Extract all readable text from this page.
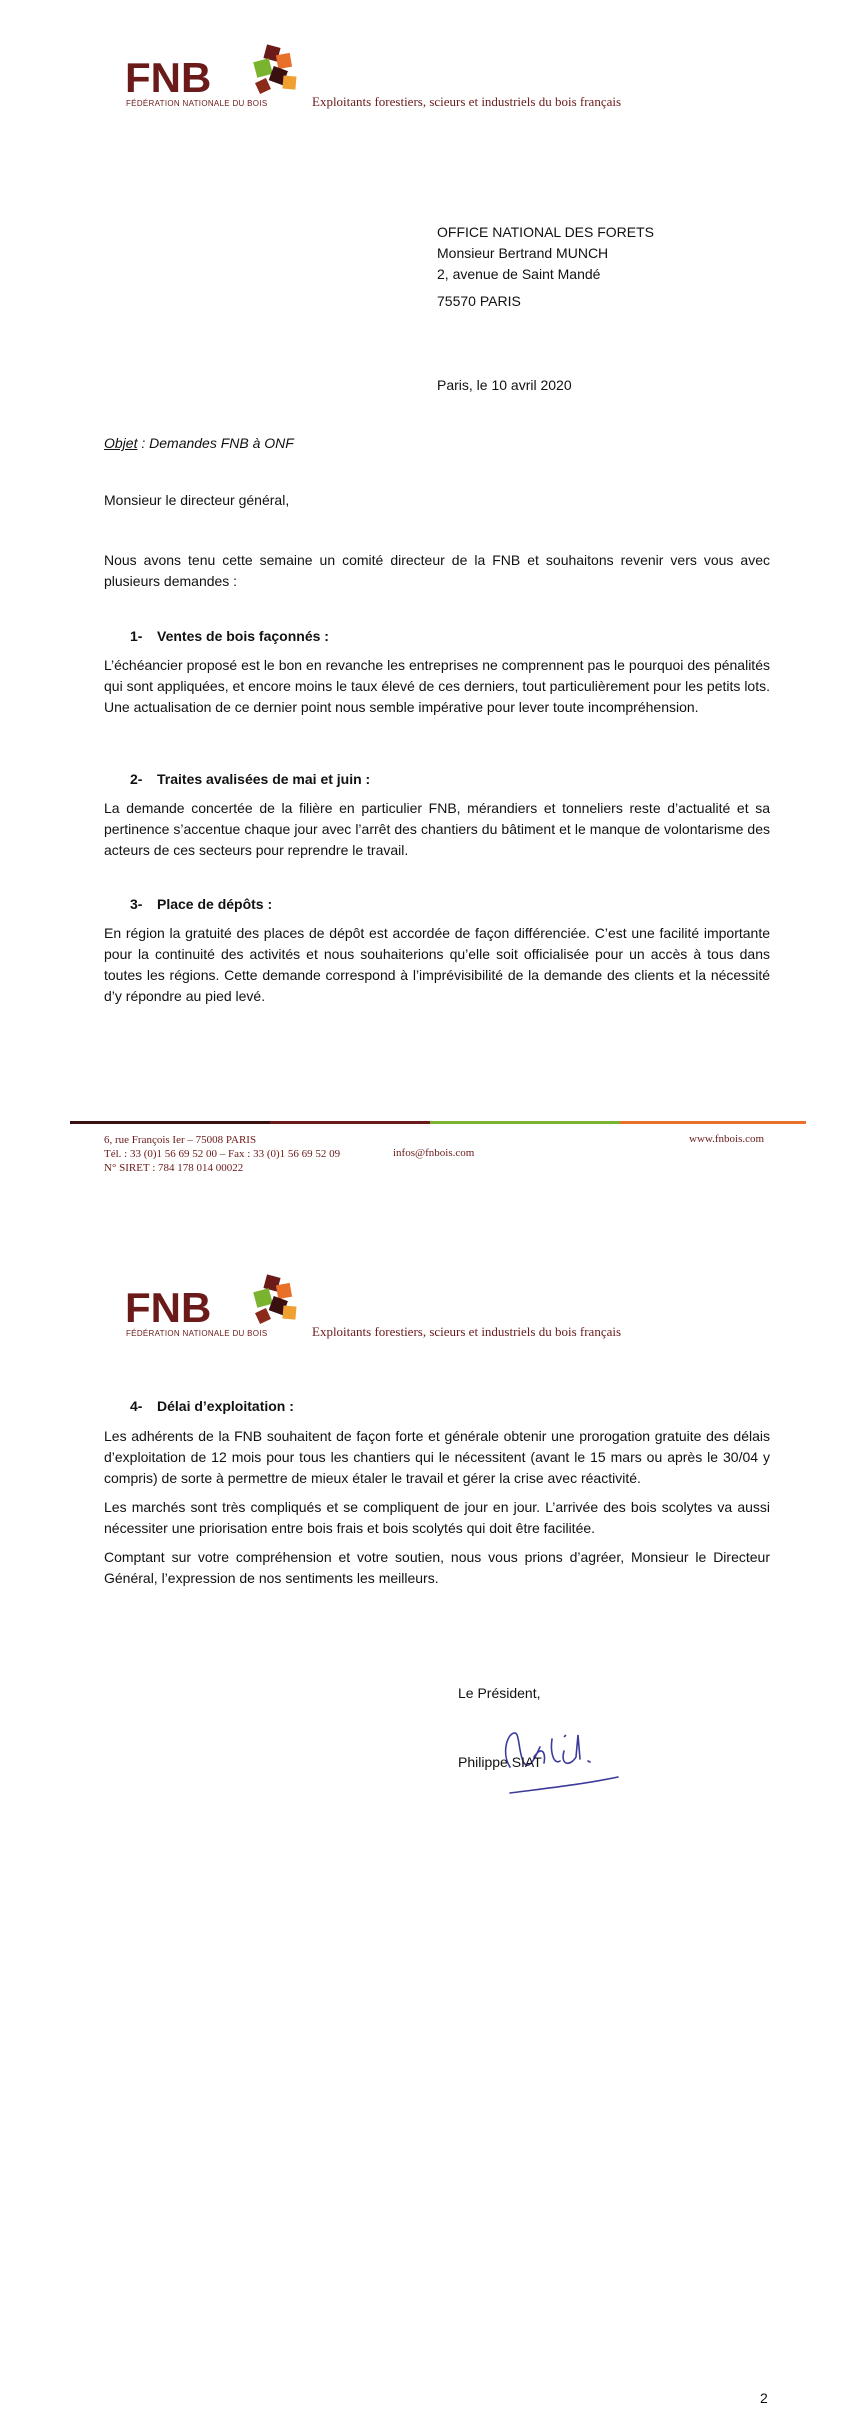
FNB
FÉDÉRATION NATIONALE DU BOIS	Exploitants forestiers, scieurs et industriels du bois français
OFFICE NATIONAL DES FORETS
Monsieur Bertrand MUNCH
2, avenue de Saint Mandé
75570 PARIS
Paris, le 10 avril 2020
Objet : Demandes FNB à ONF
Monsieur le directeur général,
Nous avons tenu cette semaine un comité directeur de la FNB et souhaitons revenir vers vous avec plusieurs demandes :
1- Ventes de bois façonnés :
L’échéancier proposé est le bon en revanche les entreprises ne comprennent pas le pourquoi des pénalités qui sont appliquées, et encore moins le taux élevé de ces derniers, tout particulièrement pour les petits lots. Une actualisation de ce dernier point nous semble impérative pour lever toute incompréhension.
2- Traites avalisées de mai et juin :
La demande concertée de la filière en particulier FNB, mérandiers et tonneliers reste d’actualité et sa pertinence s’accentue chaque jour avec l’arrêt des chantiers du bâtiment et le manque de volontarisme des acteurs de ces secteurs pour reprendre le travail.
3- Place de dépôts :
En région la gratuité des places de dépôt est accordée de façon différenciée. C’est une facilité importante pour la continuité des activités et nous souhaiterions qu’elle soit officialisée pour un accès à tous dans toutes les régions. Cette demande correspond à l’imprévisibilité de la demande des clients et la nécessité d’y répondre au pied levé.
6, rue François Ier – 75008 PARIS
Tél. : 33 (0)1 56 69 52 00 – Fax : 33 (0)1 56 69 52 09
N° SIRET : 784 178 014 00022
infos@fnbois.com
www.fnbois.com
FNB
FÉDÉRATION NATIONALE DU BOIS	Exploitants forestiers, scieurs et industriels du bois français
4- Délai d’exploitation :
Les adhérents de la FNB souhaitent de façon forte et générale obtenir une prorogation gratuite des délais d’exploitation de 12 mois pour tous les chantiers qui le nécessitent (avant le 15 mars ou après le 30/04 y compris) de sorte à permettre de mieux étaler le travail et gérer la crise avec réactivité.
Les marchés sont très compliqués et se compliquent de jour en jour. L’arrivée des bois scolytes va aussi nécessiter une priorisation entre bois frais et bois scolytés qui doit être facilitée.
Comptant sur votre compréhension et votre soutien, nous vous prions d’agréer, Monsieur le Directeur Général, l’expression de nos sentiments les meilleurs.
Le Président,
Philippe SIAT
2
